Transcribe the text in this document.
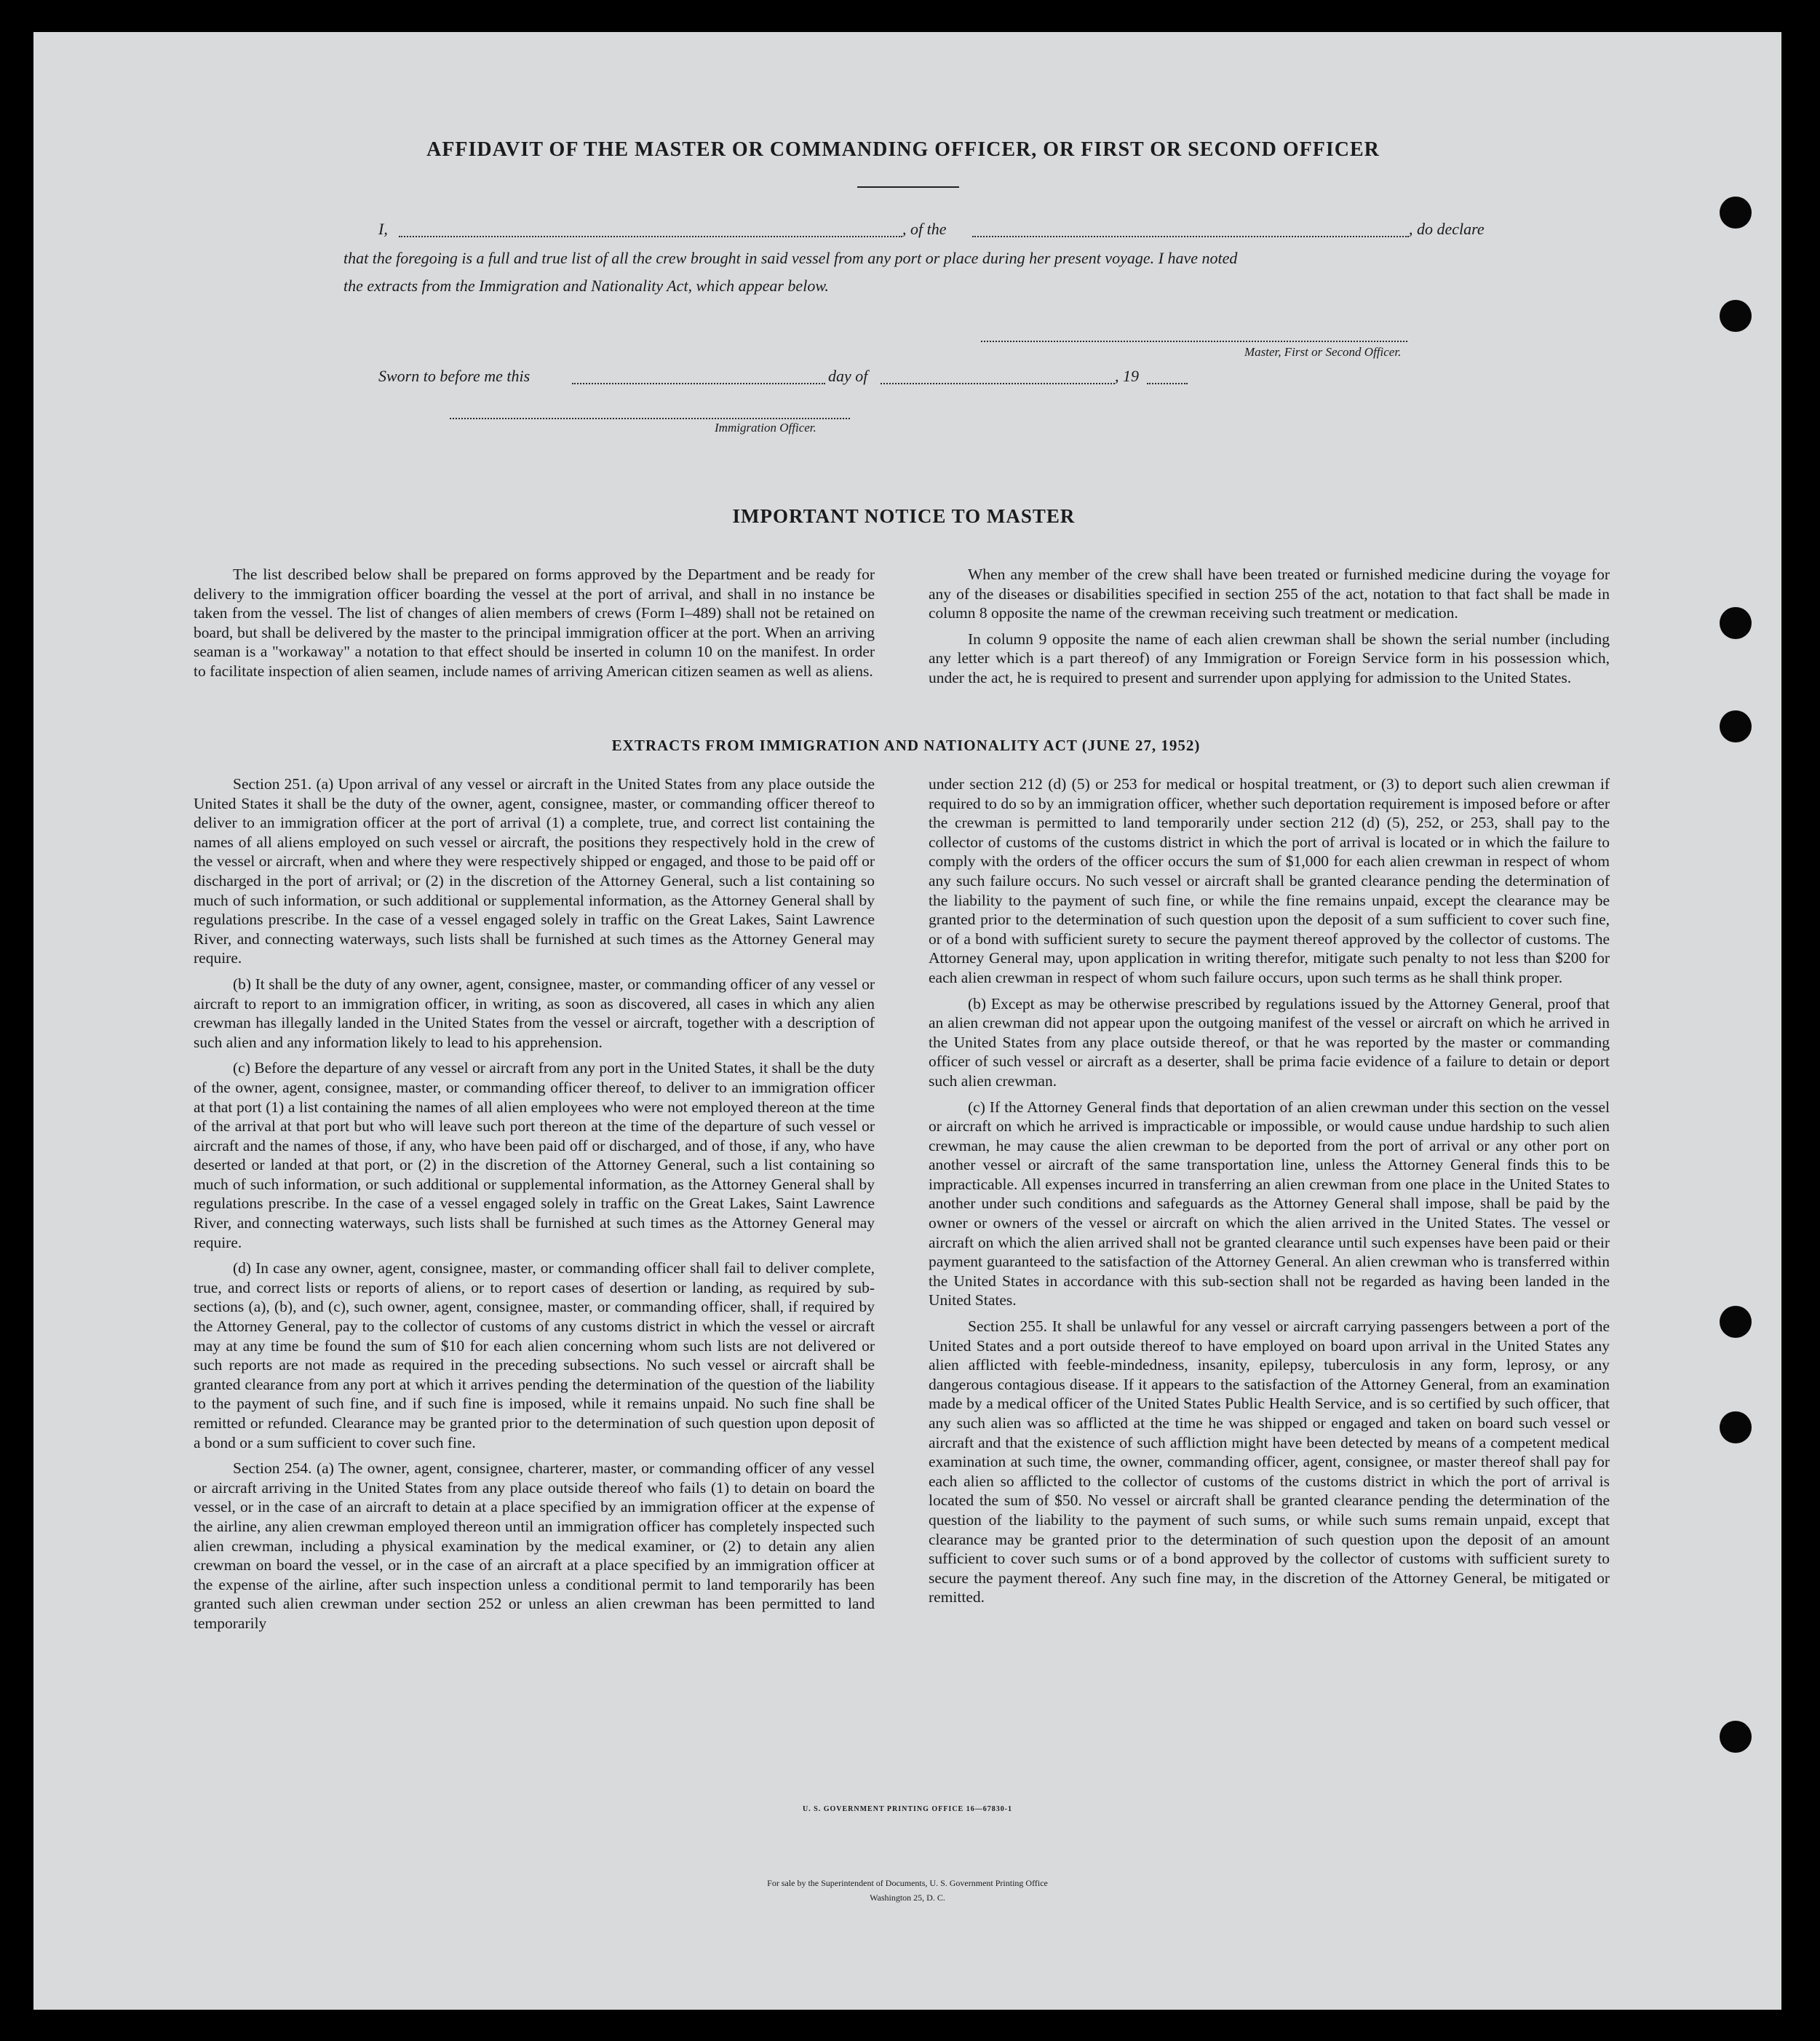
AFFIDAVIT OF THE MASTER OR COMMANDING OFFICER, OR FIRST OR SECOND OFFICER
I,	, of the	, do declare
that the foregoing is a full and true list of all the crew brought in said vessel from any port or place during her present voyage. I have noted
the extracts from the Immigration and Nationality Act, which appear below.
Master, First or Second Officer.
Sworn to before me this	day of	, 19
Immigration Officer.
IMPORTANT NOTICE TO MASTER

The list described below shall be prepared on forms approved by the Department and be ready for delivery to the immigration officer boarding the vessel at the port of arrival, and shall in no instance be taken from the vessel. The list of changes of alien members of crews (Form I–489) shall not be retained on board, but shall be delivered by the master to the principal immigration officer at the port. When an arriving seaman is a "workaway" a notation to that effect should be inserted in column 10 on the manifest. In order to facilitate inspection of alien seamen, include names of arriving American citizen seamen as well as aliens.

When any member of the crew shall have been treated or furnished medicine during the voyage for any of the diseases or disabilities specified in section 255 of the act, notation to that fact shall be made in column 8 opposite the name of the crewman receiving such treatment or medication.

In column 9 opposite the name of each alien crewman shall be shown the serial number (including any letter which is a part thereof) of any Immigration or Foreign Service form in his possession which, under the act, he is required to present and surrender upon applying for admission to the United States.

EXTRACTS FROM IMMIGRATION AND NATIONALITY ACT (JUNE 27, 1952)

Section 251. (a) Upon arrival of any vessel or aircraft in the United States from any place outside the United States it shall be the duty of the owner, agent, consignee, master, or commanding officer thereof to deliver to an immigration officer at the port of arrival (1) a complete, true, and correct list containing the names of all aliens employed on such vessel or aircraft, the positions they respectively hold in the crew of the vessel or aircraft, when and where they were respectively shipped or engaged, and those to be paid off or discharged in the port of arrival; or (2) in the discretion of the Attorney General, such a list containing so much of such information, or such additional or supplemental information, as the Attorney General shall by regulations prescribe. In the case of a vessel engaged solely in traffic on the Great Lakes, Saint Lawrence River, and connecting waterways, such lists shall be furnished at such times as the Attorney General may require.

(b) It shall be the duty of any owner, agent, consignee, master, or commanding officer of any vessel or aircraft to report to an immigration officer, in writing, as soon as discovered, all cases in which any alien crewman has illegally landed in the United States from the vessel or aircraft, together with a description of such alien and any information likely to lead to his apprehension.

(c) Before the departure of any vessel or aircraft from any port in the United States, it shall be the duty of the owner, agent, consignee, master, or commanding officer thereof, to deliver to an immigration officer at that port (1) a list containing the names of all alien employees who were not employed thereon at the time of the arrival at that port but who will leave such port thereon at the time of the departure of such vessel or aircraft and the names of those, if any, who have been paid off or discharged, and of those, if any, who have deserted or landed at that port, or (2) in the discretion of the Attorney General, such a list containing so much of such information, or such additional or supplemental information, as the Attorney General shall by regulations prescribe. In the case of a vessel engaged solely in traffic on the Great Lakes, Saint Lawrence River, and connecting waterways, such lists shall be furnished at such times as the Attorney General may require.

(d) In case any owner, agent, consignee, master, or commanding officer shall fail to deliver complete, true, and correct lists or reports of aliens, or to report cases of desertion or landing, as required by sub-sections (a), (b), and (c), such owner, agent, consignee, master, or commanding officer, shall, if required by the Attorney General, pay to the collector of customs of any customs district in which the vessel or aircraft may at any time be found the sum of $10 for each alien concerning whom such lists are not delivered or such reports are not made as required in the preceding subsections. No such vessel or aircraft shall be granted clearance from any port at which it arrives pending the determination of the question of the liability to the payment of such fine, and if such fine is imposed, while it remains unpaid. No such fine shall be remitted or refunded. Clearance may be granted prior to the determination of such question upon deposit of a bond or a sum sufficient to cover such fine.

Section 254. (a) The owner, agent, consignee, charterer, master, or commanding officer of any vessel or aircraft arriving in the United States from any place outside thereof who fails (1) to detain on board the vessel, or in the case of an aircraft to detain at a place specified by an immigration officer at the expense of the airline, any alien crewman employed thereon until an immigration officer has completely inspected such alien crewman, including a physical examination by the medical examiner, or (2) to detain any alien crewman on board the vessel, or in the case of an aircraft at a place specified by an immigration officer at the expense of the airline, after such inspection unless a conditional permit to land temporarily has been granted such alien crewman under section 252 or unless an alien crewman has been permitted to land temporarily

under section 212 (d) (5) or 253 for medical or hospital treatment, or (3) to deport such alien crewman if required to do so by an immigration officer, whether such deportation requirement is imposed before or after the crewman is permitted to land temporarily under section 212 (d) (5), 252, or 253, shall pay to the collector of customs of the customs district in which the port of arrival is located or in which the failure to comply with the orders of the officer occurs the sum of $1,000 for each alien crewman in respect of whom any such failure occurs. No such vessel or aircraft shall be granted clearance pending the determination of the liability to the payment of such fine, or while the fine remains unpaid, except the clearance may be granted prior to the determination of such question upon the deposit of a sum sufficient to cover such fine, or of a bond with sufficient surety to secure the payment thereof approved by the collector of customs. The Attorney General may, upon application in writing therefor, mitigate such penalty to not less than $200 for each alien crewman in respect of whom such failure occurs, upon such terms as he shall think proper.

(b) Except as may be otherwise prescribed by regulations issued by the Attorney General, proof that an alien crewman did not appear upon the outgoing manifest of the vessel or aircraft on which he arrived in the United States from any place outside thereof, or that he was reported by the master or commanding officer of such vessel or aircraft as a deserter, shall be prima facie evidence of a failure to detain or deport such alien crewman.

(c) If the Attorney General finds that deportation of an alien crewman under this section on the vessel or aircraft on which he arrived is impracticable or impossible, or would cause undue hardship to such alien crewman, he may cause the alien crewman to be deported from the port of arrival or any other port on another vessel or aircraft of the same transportation line, unless the Attorney General finds this to be impracticable. All expenses incurred in transferring an alien crewman from one place in the United States to another under such conditions and safeguards as the Attorney General shall impose, shall be paid by the owner or owners of the vessel or aircraft on which the alien arrived in the United States. The vessel or aircraft on which the alien arrived shall not be granted clearance until such expenses have been paid or their payment guaranteed to the satisfaction of the Attorney General. An alien crewman who is transferred within the United States in accordance with this sub-section shall not be regarded as having been landed in the United States.

Section 255. It shall be unlawful for any vessel or aircraft carrying passengers between a port of the United States and a port outside thereof to have employed on board upon arrival in the United States any alien afflicted with feeble-mindedness, insanity, epilepsy, tuberculosis in any form, leprosy, or any dangerous contagious disease. If it appears to the satisfaction of the Attorney General, from an examination made by a medical officer of the United States Public Health Service, and is so certified by such officer, that any such alien was so afflicted at the time he was shipped or engaged and taken on board such vessel or aircraft and that the existence of such affliction might have been detected by means of a competent medical examination at such time, the owner, commanding officer, agent, consignee, or master thereof shall pay for each alien so afflicted to the collector of customs of the customs district in which the port of arrival is located the sum of $50. No vessel or aircraft shall be granted clearance pending the determination of the question of the liability to the payment of such sums, or while such sums remain unpaid, except that clearance may be granted prior to the determination of such question upon the deposit of an amount sufficient to cover such sums or of a bond approved by the collector of customs with sufficient surety to secure the payment thereof. Any such fine may, in the discretion of the Attorney General, be mitigated or remitted.

U. S. GOVERNMENT PRINTING OFFICE 16—67830-1
For sale by the Superintendent of Documents, U. S. Government Printing Office
Washington 25, D. C.
